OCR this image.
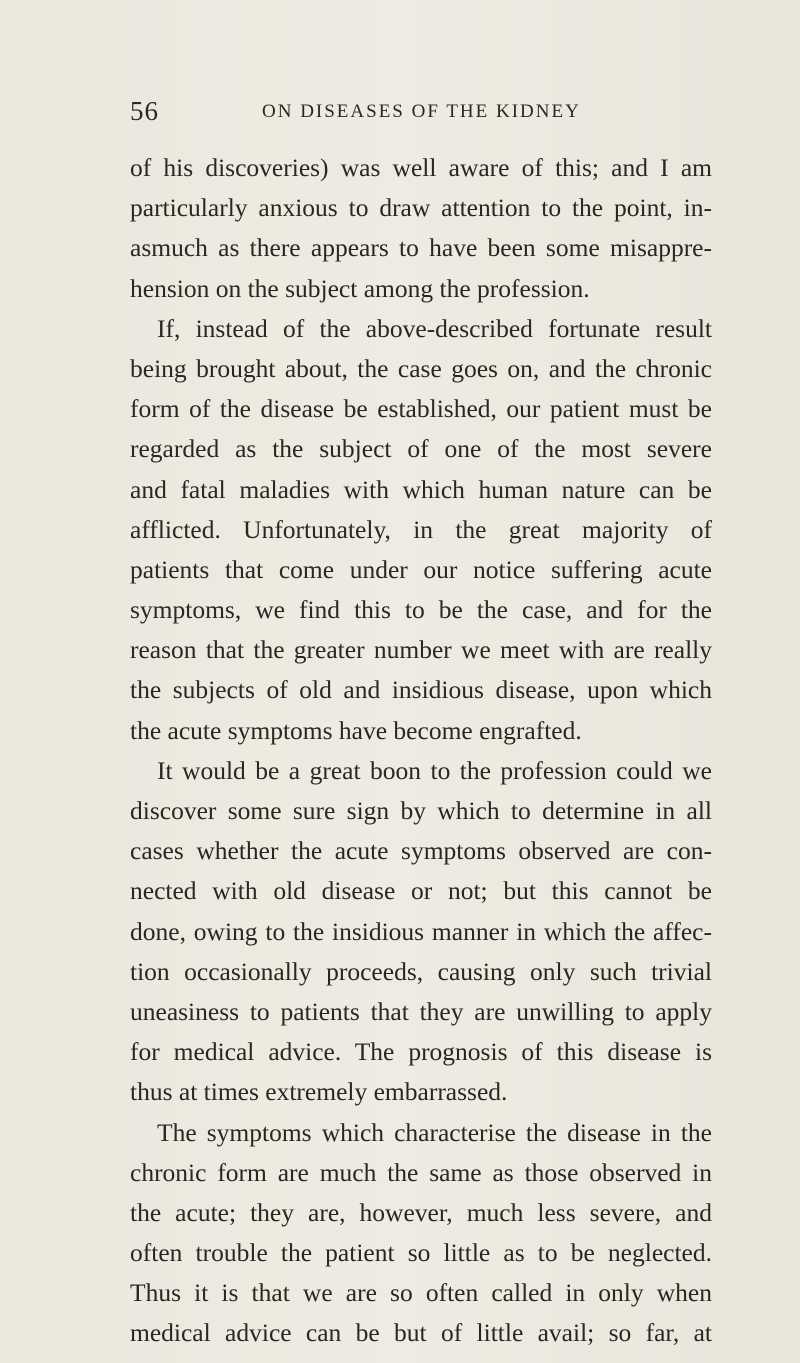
56	ON DISEASES OF THE KIDNEY
of his discoveries) was well aware of this; and I am
particularly anxious to draw attention to the point, in-
asmuch as there appears to have been some misappre-
hension on the subject among the profession.
If, instead of the above-described fortunate result
being brought about, the case goes on, and the chronic
form of the disease be established, our patient must be
regarded as the subject of one of the most severe
and fatal maladies with which human nature can be
afflicted. Unfortunately, in the great majority of
patients that come under our notice suffering acute
symptoms, we find this to be the case, and for the
reason that the greater number we meet with are really
the subjects of old and insidious disease, upon which
the acute symptoms have become engrafted.
It would be a great boon to the profession could we
discover some sure sign by which to determine in all
cases whether the acute symptoms observed are con-
nected with old disease or not; but this cannot be
done, owing to the insidious manner in which the affec-
tion occasionally proceeds, causing only such trivial
uneasiness to patients that they are unwilling to apply
for medical advice. The prognosis of this disease is
thus at times extremely embarrassed.
The symptoms which characterise the disease in the
chronic form are much the same as those observed in
the acute; they are, however, much less severe, and
often trouble the patient so little as to be neglected.
Thus it is that we are so often called in only when
medical advice can be but of little avail; so far, at
